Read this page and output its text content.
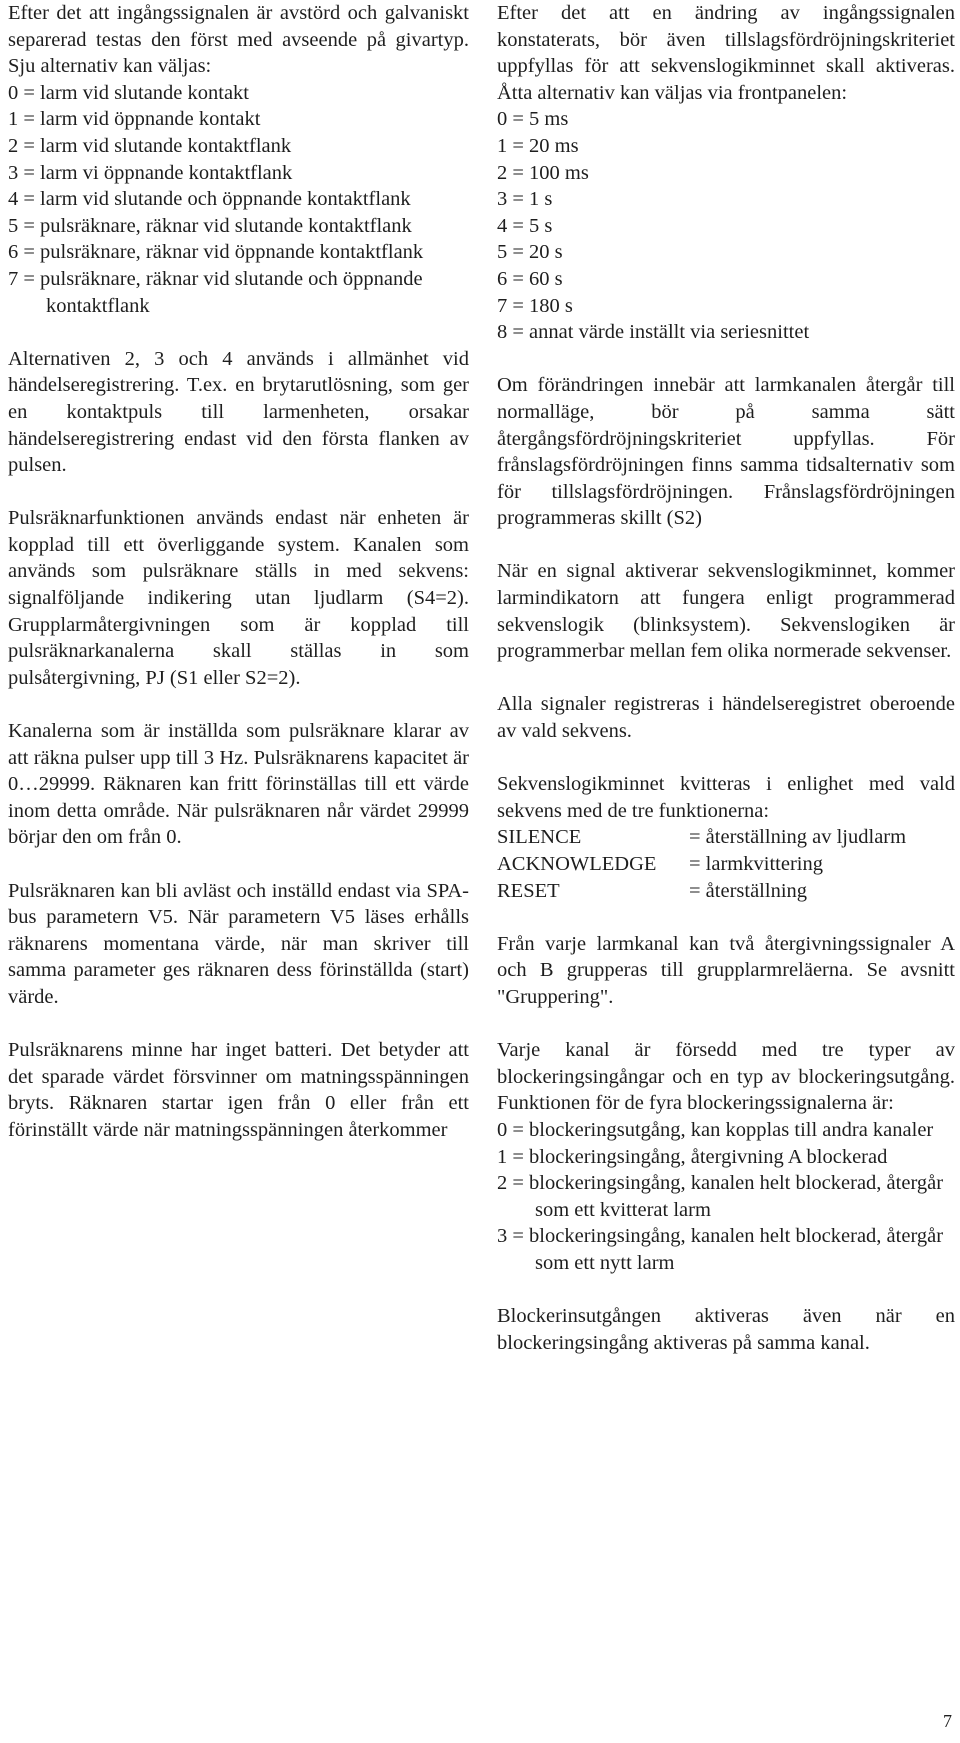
Efter det att ingångssignalen är avstörd och galvaniskt separerad testas den först med avseende på givartyp. Sju alternativ kan väljas:

0 = larm vid slutande kontakt

1 = larm vid öppnande kontakt

2 = larm vid slutande kontaktflank

3 = larm vi öppnande kontaktflank

4 = larm vid slutande och öppnande kontaktflank

5 = pulsräknare, räknar vid slutande kontaktflank

6 = pulsräknare, räknar vid öppnande kontaktflank

7 = pulsräknare, räknar vid slutande och öppnande kontaktflank

Alternativen 2, 3 och 4 används i allmänhet vid händelseregistrering. T.ex. en brytarutlösning, som ger en kontaktpuls till larmenheten, orsakar händelseregistrering endast vid den första flanken av pulsen.

Pulsräknarfunktionen används endast när enheten är kopplad till ett överliggande system. Kanalen som används som pulsräknare ställs in med sekvens: signalföljande indikering utan ljudlarm (S4=2). Grupplarmåtergivningen som är kopplad till pulsräknarkanalerna skall ställas in som pulsåtergivning, PJ (S1 eller S2=2).

Kanalerna som är inställda som pulsräknare klarar av att räkna pulser upp till 3 Hz. Pulsräknarens kapacitet är 0…29999. Räknaren kan fritt förinställas till ett värde inom detta område. När pulsräknaren når värdet 29999 börjar den om från 0.

Pulsräknaren kan bli avläst och inställd endast via SPA-bus parametern V5. När parametern V5 läses erhålls räknarens momentana värde, när man skriver till samma parameter ges räknaren dess förinställda (start) värde.

Pulsräknarens minne har inget batteri. Det betyder att det sparade värdet försvinner om matningsspänningen bryts. Räknaren startar igen från 0 eller från ett förinställt värde när matningsspänningen återkommer

Efter det att en ändring av ingångssignalen konstaterats, bör även tillslagsfördröjningskriteriet uppfyllas för att sekvenslogikminnet skall aktiveras. Åtta alternativ kan väljas via frontpanelen:

0 = 5 ms

1 = 20 ms

2 = 100 ms

3 = 1 s

4 = 5 s

5 = 20 s

6 = 60 s

7 = 180 s

8 = annat värde inställt via seriesnittet

Om förändringen innebär att larmkanalen återgår till normalläge, bör på samma sätt återgångsfördröjningskriteriet uppfyllas. För frånslagsfördröjningen finns samma tidsalternativ som för tillslagsfördröjningen. Frånslagsfördröjningen programmeras skillt (S2)

När en signal aktiverar sekvenslogikminnet, kommer larmindikatorn att fungera enligt programmerad sekvenslogik (blinksystem). Sekvenslogiken är programmerbar mellan fem olika normerade sekvenser.

Alla signaler registreras i händelseregistret oberoende av vald sekvens.

Sekvenslogikminnet kvitteras i enlighet med vald sekvens med de tre funktionerna:

SILENCE	= återställning av ljudlarm
ACKNOWLEDGE	= larmkvittering
RESET	= återställning

Från varje larmkanal kan två återgivningssignaler A och B grupperas till grupplarmreläerna. Se avsnitt "Gruppering".

Varje kanal är försedd med tre typer av blockeringsingångar och en typ av blockeringsutgång. Funktionen för de fyra blockeringssignalerna är:

0 = blockeringsutgång, kan kopplas till andra kanaler

1 = blockeringsingång, återgivning A blockerad

2 = blockeringsingång, kanalen helt blockerad, återgår som ett kvitterat larm

3 = blockeringsingång, kanalen helt blockerad, återgår som ett nytt larm

Blockerinsutgången aktiveras även när en blockeringsingång aktiveras på samma kanal.

7
